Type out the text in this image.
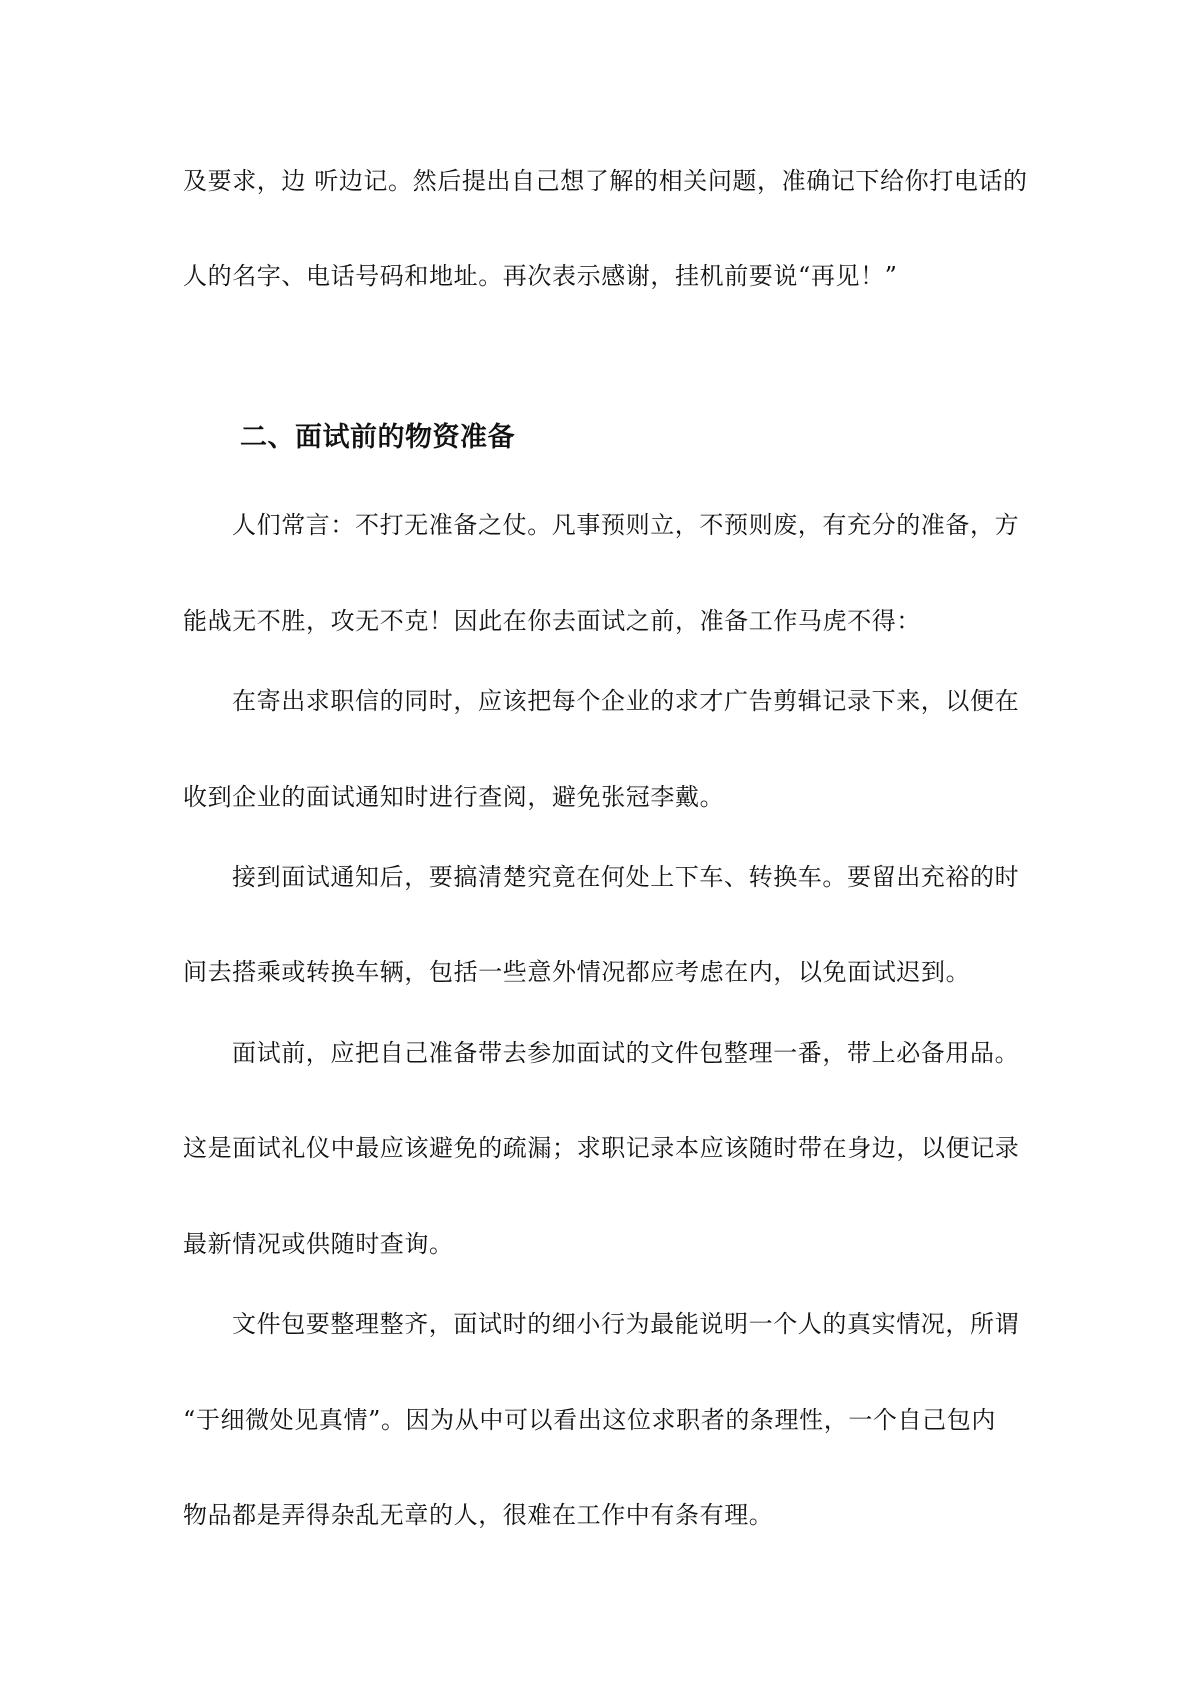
及要求，边 听边记。然后提出自己想了解的相关问题，准确记下给你打电话的
人的名字、电话号码和地址。再次表示感谢，挂机前要说“再见！”
二、面试前的物资准备
人们常言：不打无准备之仗。凡事预则立，不预则废，有充分的准备，方
能战无不胜，攻无不克！因此在你去面试之前，准备工作马虎不得：
在寄出求职信的同时，应该把每个企业的求才广告剪辑记录下来，以便在
收到企业的面试通知时进行查阅，避免张冠李戴。
接到面试通知后，要搞清楚究竟在何处上下车、转换车。要留出充裕的时
间去搭乘或转换车辆，包括一些意外情况都应考虑在内，以免面试迟到。
面试前，应把自己准备带去参加面试的文件包整理一番，带上必备用品。
这是面试礼仪中最应该避免的疏漏；求职记录本应该随时带在身边，以便记录
最新情况或供随时查询。
文件包要整理整齐，面试时的细小行为最能说明一个人的真实情况，所谓
“于细微处见真情”。因为从中可以看出这位求职者的条理性，一个自己包内
物品都是弄得杂乱无章的人，很难在工作中有条有理。
